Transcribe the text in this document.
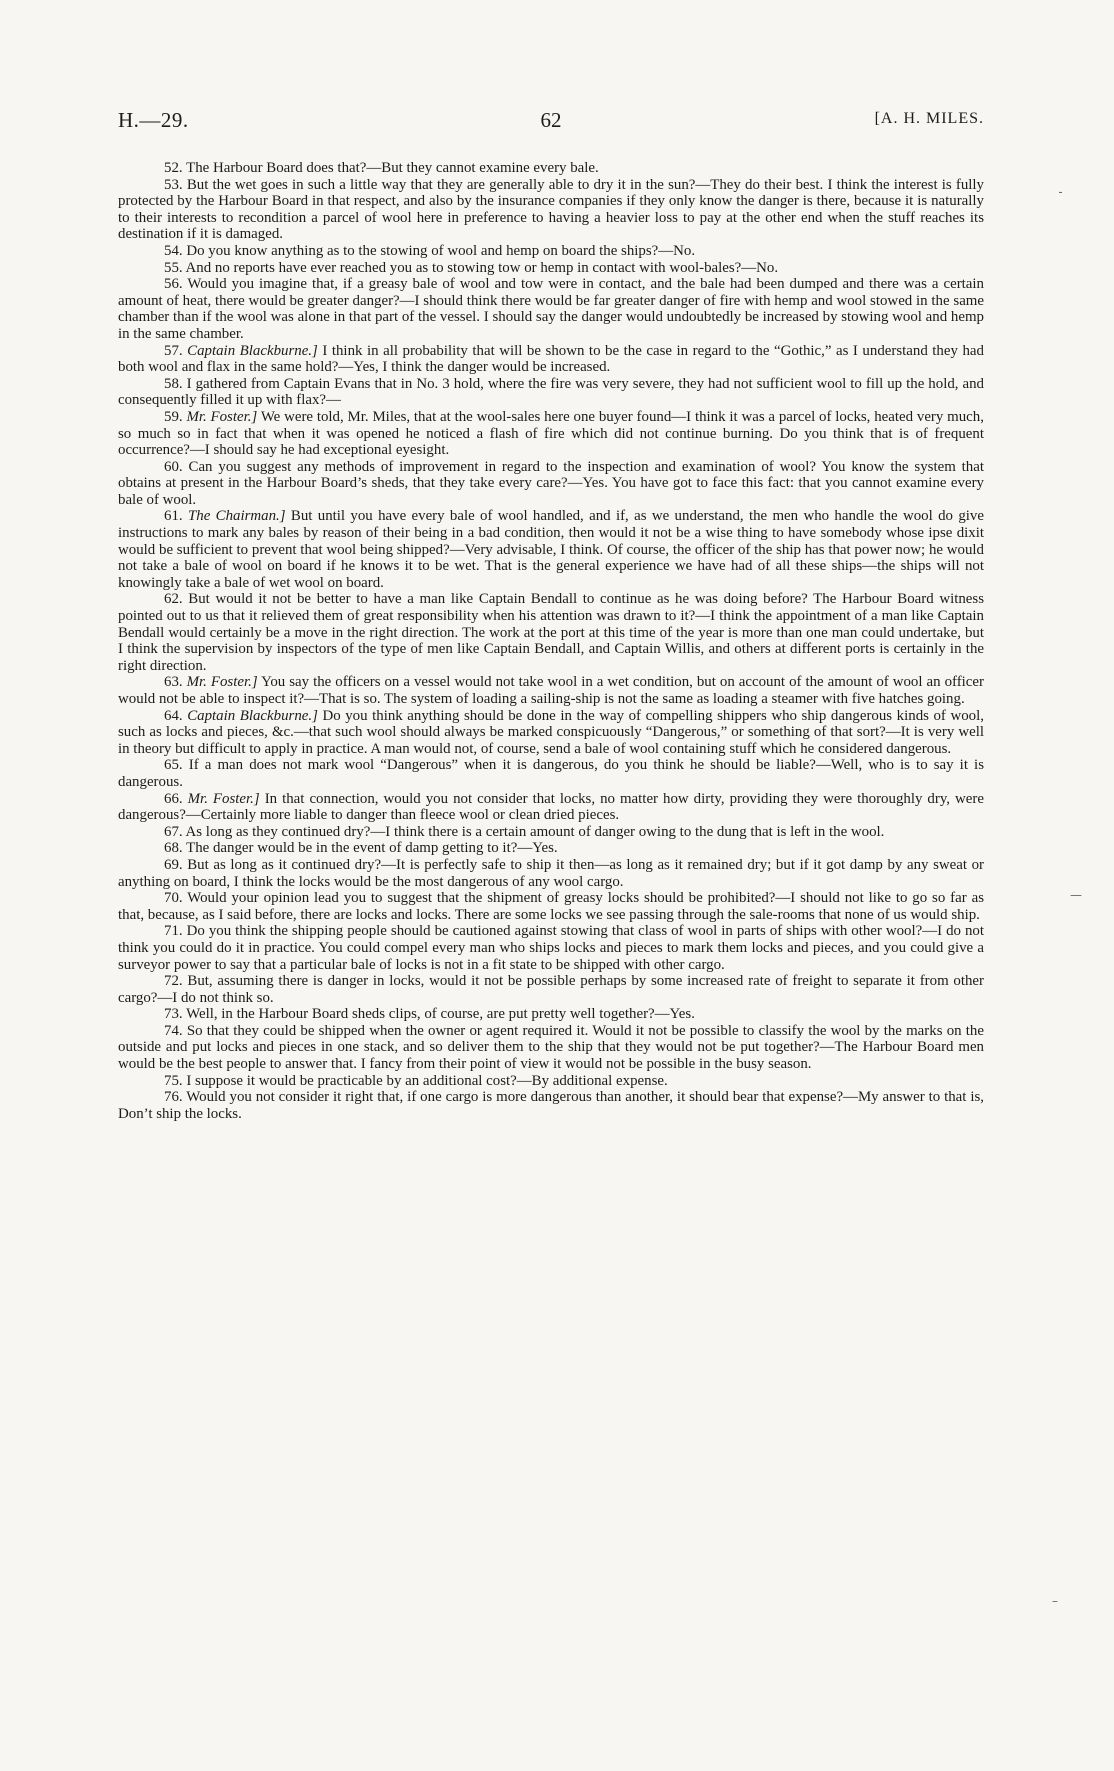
H.—29.	62	[A. H. MILES.

52. The Harbour Board does that?—But they cannot examine every bale.

53. But the wet goes in such a little way that they are generally able to dry it in the sun?—They do their best. I think the interest is fully protected by the Harbour Board in that respect, and also by the insurance companies if they only know the danger is there, because it is naturally to their interests to recondition a parcel of wool here in preference to having a heavier loss to pay at the other end when the stuff reaches its destination if it is damaged.

54. Do you know anything as to the stowing of wool and hemp on board the ships?—No.

55. And no reports have ever reached you as to stowing tow or hemp in contact with wool-bales?—No.

56. Would you imagine that, if a greasy bale of wool and tow were in contact, and the bale had been dumped and there was a certain amount of heat, there would be greater danger?—I should think there would be far greater danger of fire with hemp and wool stowed in the same chamber than if the wool was alone in that part of the vessel. I should say the danger would undoubtedly be increased by stowing wool and hemp in the same chamber.

57. Captain Blackburne.] I think in all probability that will be shown to be the case in regard to the “Gothic,” as I understand they had both wool and flax in the same hold?—Yes, I think the danger would be increased.

58. I gathered from Captain Evans that in No. 3 hold, where the fire was very severe, they had not sufficient wool to fill up the hold, and consequently filled it up with flax?—

59. Mr. Foster.] We were told, Mr. Miles, that at the wool-sales here one buyer found—I think it was a parcel of locks, heated very much, so much so in fact that when it was opened he noticed a flash of fire which did not continue burning. Do you think that is of frequent occurrence?—I should say he had exceptional eyesight.

60. Can you suggest any methods of improvement in regard to the inspection and examination of wool? You know the system that obtains at present in the Harbour Board’s sheds, that they take every care?—Yes. You have got to face this fact: that you cannot examine every bale of wool.

61. The Chairman.] But until you have every bale of wool handled, and if, as we understand, the men who handle the wool do give instructions to mark any bales by reason of their being in a bad condition, then would it not be a wise thing to have somebody whose ipse dixit would be sufficient to prevent that wool being shipped?—Very advisable, I think. Of course, the officer of the ship has that power now; he would not take a bale of wool on board if he knows it to be wet. That is the general experience we have had of all these ships—the ships will not knowingly take a bale of wet wool on board.

62. But would it not be better to have a man like Captain Bendall to continue as he was doing before? The Harbour Board witness pointed out to us that it relieved them of great responsibility when his attention was drawn to it?—I think the appointment of a man like Captain Bendall would certainly be a move in the right direction. The work at the port at this time of the year is more than one man could undertake, but I think the supervision by inspectors of the type of men like Captain Bendall, and Captain Willis, and others at different ports is certainly in the right direction.

63. Mr. Foster.] You say the officers on a vessel would not take wool in a wet condition, but on account of the amount of wool an officer would not be able to inspect it?—That is so. The system of loading a sailing-ship is not the same as loading a steamer with five hatches going.

64. Captain Blackburne.] Do you think anything should be done in the way of compelling shippers who ship dangerous kinds of wool, such as locks and pieces, &c.—that such wool should always be marked conspicuously “Dangerous,” or something of that sort?—It is very well in theory but difficult to apply in practice. A man would not, of course, send a bale of wool containing stuff which he considered dangerous.

65. If a man does not mark wool “Dangerous” when it is dangerous, do you think he should be liable?—Well, who is to say it is dangerous.

66. Mr. Foster.] In that connection, would you not consider that locks, no matter how dirty, providing they were thoroughly dry, were dangerous?—Certainly more liable to danger than fleece wool or clean dried pieces.

67. As long as they continued dry?—I think there is a certain amount of danger owing to the dung that is left in the wool.

68. The danger would be in the event of damp getting to it?—Yes.

69. But as long as it continued dry?—It is perfectly safe to ship it then—as long as it remained dry; but if it got damp by any sweat or anything on board, I think the locks would be the most dangerous of any wool cargo.

70. Would your opinion lead you to suggest that the shipment of greasy locks should be prohibited?—I should not like to go so far as that, because, as I said before, there are locks and locks. There are some locks we see passing through the sale-rooms that none of us would ship.

71. Do you think the shipping people should be cautioned against stowing that class of wool in parts of ships with other wool?—I do not think you could do it in practice. You could compel every man who ships locks and pieces to mark them locks and pieces, and you could give a surveyor power to say that a particular bale of locks is not in a fit state to be shipped with other cargo.

72. But, assuming there is danger in locks, would it not be possible perhaps by some increased rate of freight to separate it from other cargo?—I do not think so.

73. Well, in the Harbour Board sheds clips, of course, are put pretty well together?—Yes.

74. So that they could be shipped when the owner or agent required it. Would it not be possible to classify the wool by the marks on the outside and put locks and pieces in one stack, and so deliver them to the ship that they would not be put together?—The Harbour Board men would be the best people to answer that. I fancy from their point of view it would not be possible in the busy season.

75. I suppose it would be practicable by an additional cost?—By additional expense.

76. Would you not consider it right that, if one cargo is more dangerous than another, it should bear that expense?—My answer to that is, Don’t ship the locks.

⁃
—
–
